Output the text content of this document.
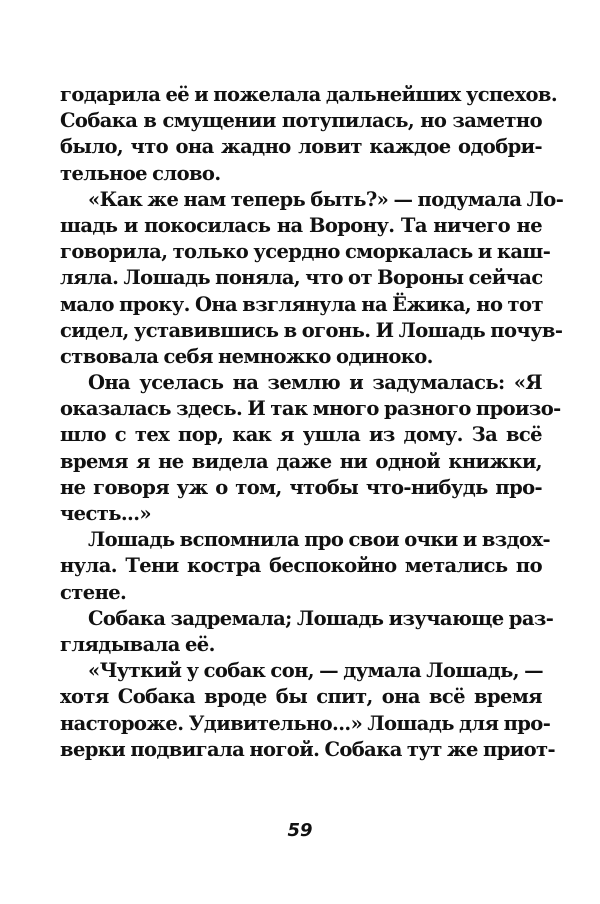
годарила её и пожелала дальнейших успехов.
Собака в смущении потупилась, но заметно
было, что она жадно ловит каждое одобри-
тельное слово.
«Как же нам теперь быть?» — подумала Ло-
шадь и покосилась на Ворону. Та ничего не
говорила, только усердно сморкалась и каш-
ляла. Лошадь поняла, что от Вороны сейчас
мало проку. Она взглянула на Ёжика, но тот
сидел, уставившись в огонь. И Лошадь почув-
ствовала себя немножко одиноко.
Она уселась на землю и задумалась: «Я
оказалась здесь. И так много разного произо-
шло с тех пор, как я ушла из дому. За всё
время я не видела даже ни одной книжки,
не говоря уж о том, чтобы что-нибудь про-
честь...»
Лошадь вспомнила про свои очки и вздох-
нула. Тени костра беспокойно метались по
стене.
Собака задремала; Лошадь изучающе раз-
глядывала её.
«Чуткий у собак сон, — думала Лошадь, —
хотя Собака вроде бы спит, она всё время
настороже. Удивительно...» Лошадь для про-
верки подвигала ногой. Собака тут же приот-
59
